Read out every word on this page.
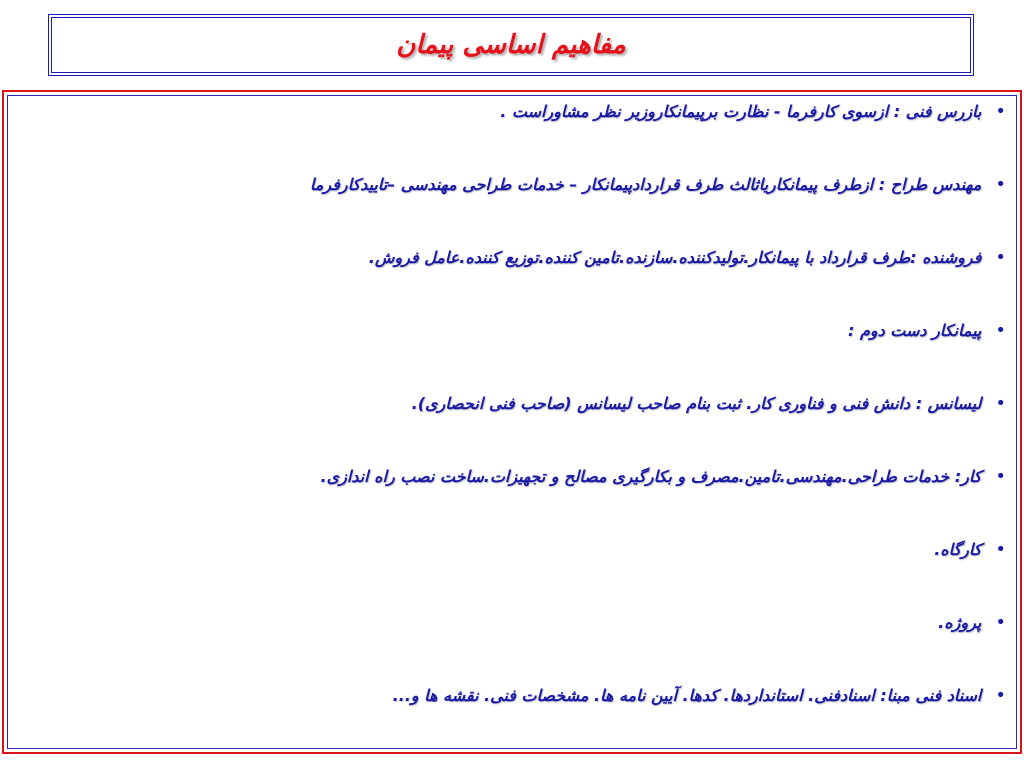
مفاهیم اساسی پیمان
•
بازرس فنی : ازسوی کارفرما - نظارت برپیمانکاروزیر نظر مشاوراست .
•
مهندس طراح : ازطرف پیمانکاریاثالث طرف قراردادپیمانکار – خدمات طراحی مهندسی –تاییدکارفرما
•
فروشنده :طرف قرارداد با پیمانکار.تولیدکننده.سازنده.تامین کننده.توزیع کننده.عامل فروش.
•
پیمانکار دست دوم :
•
لیسانس : دانش فنی و فناوری کار. ثبت بنام صاحب لیسانس (صاحب فنی انحصاری).
•
کار: خدمات طراحی.مهندسی.تامین.مصرف و بکارگیری مصالح و تجهیزات.ساخت نصب راه اندازی.
•
کارگاه.
•
پروژه.
•
اسناد فنی مبنا: اسنادفنی. استانداردها. کدها. آیین نامه ها. مشخصات فنی. نقشه ها و...
